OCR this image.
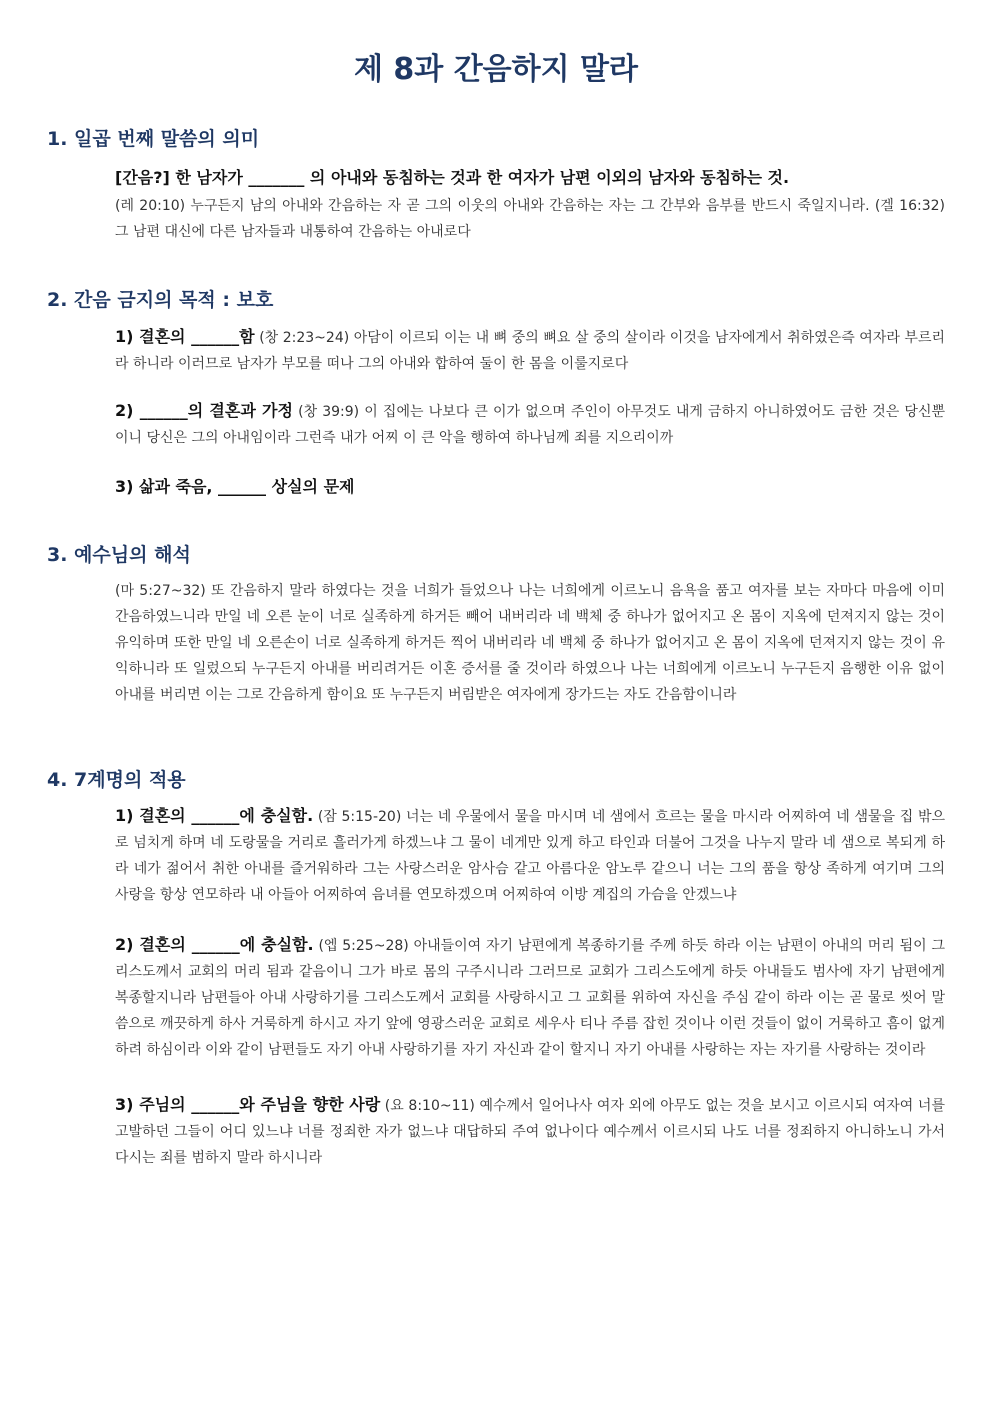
제 8과 간음하지 말라
1. 일곱 번째 말씀의 의미
[간음?] 한 남자가 _______ 의 아내와 동침하는 것과 한 여자가 남편 이외의 남자와 동침하는 것.
(레 20:10) 누구든지 남의 아내와 간음하는 자 곧 그의 이웃의 아내와 간음하는 자는 그 간부와 음부를 반드시 죽일지니라. (겔 16:32) 그 남편 대신에 다른 남자들과 내통하여 간음하는 아내로다
2. 간음 금지의 목적 : 보호
1) 결혼의 ______함 (창 2:23~24) 아담이 이르되 이는 내 뼈 중의 뼈요 살 중의 살이라 이것을 남자에게서 취하였은즉 여자라 부르리라 하니라 이러므로 남자가 부모를 떠나 그의 아내와 합하여 둘이 한 몸을 이룰지로다
2) ______의 결혼과 가정 (창 39:9) 이 집에는 나보다 큰 이가 없으며 주인이 아무것도 내게 금하지 아니하였어도 금한 것은 당신뿐이니 당신은 그의 아내임이라 그런즉 내가 어찌 이 큰 악을 행하여 하나님께 죄를 지으리이까
3) 삶과 죽음, ______ 상실의 문제
3. 예수님의 해석
(마 5:27~32) 또 간음하지 말라 하였다는 것을 너희가 들었으나 나는 너희에게 이르노니 음욕을 품고 여자를 보는 자마다 마음에 이미 간음하였느니라 만일 네 오른 눈이 너로 실족하게 하거든 빼어 내버리라 네 백체 중 하나가 없어지고 온 몸이 지옥에 던져지지 않는 것이 유익하며 또한 만일 네 오른손이 너로 실족하게 하거든 찍어 내버리라 네 백체 중 하나가 없어지고 온 몸이 지옥에 던져지지 않는 것이 유익하니라 또 일렀으되 누구든지 아내를 버리려거든 이혼 증서를 줄 것이라 하였으나 나는 너희에게 이르노니 누구든지 음행한 이유 없이 아내를 버리면 이는 그로 간음하게 함이요 또 누구든지 버림받은 여자에게 장가드는 자도 간음함이니라
4. 7계명의 적용
1) 결혼의 ______에 충실함. (잠 5:15-20) 너는 네 우물에서 물을 마시며 네 샘에서 흐르는 물을 마시라 어찌하여 네 샘물을 집 밖으로 넘치게 하며 네 도랑물을 거리로 흘러가게 하겠느냐 그 물이 네게만 있게 하고 타인과 더불어 그것을 나누지 말라 네 샘으로 복되게 하라 네가 젊어서 취한 아내를 즐거워하라 그는 사랑스러운 암사슴 같고 아름다운 암노루 같으니 너는 그의 품을 항상 족하게 여기며 그의 사랑을 항상 연모하라 내 아들아 어찌하여 음녀를 연모하겠으며 어찌하여 이방 계집의 가슴을 안겠느냐
2) 결혼의 ______에 충실함. (엡 5:25~28) 아내들이여 자기 남편에게 복종하기를 주께 하듯 하라 이는 남편이 아내의 머리 됨이 그리스도께서 교회의 머리 됨과 같음이니 그가 바로 몸의 구주시니라 그러므로 교회가 그리스도에게 하듯 아내들도 범사에 자기 남편에게 복종할지니라 남편들아 아내 사랑하기를 그리스도께서 교회를 사랑하시고 그 교회를 위하여 자신을 주심 같이 하라 이는 곧 물로 씻어 말씀으로 깨끗하게 하사 거룩하게 하시고 자기 앞에 영광스러운 교회로 세우사 티나 주름 잡힌 것이나 이런 것들이 없이 거룩하고 흠이 없게 하려 하심이라 이와 같이 남편들도 자기 아내 사랑하기를 자기 자신과 같이 할지니 자기 아내를 사랑하는 자는 자기를 사랑하는 것이라
3) 주님의 ______와 주님을 향한 사랑 (요 8:10~11) 예수께서 일어나사 여자 외에 아무도 없는 것을 보시고 이르시되 여자여 너를 고발하던 그들이 어디 있느냐 너를 정죄한 자가 없느냐 대답하되 주여 없나이다 예수께서 이르시되 나도 너를 정죄하지 아니하노니 가서 다시는 죄를 범하지 말라 하시니라
